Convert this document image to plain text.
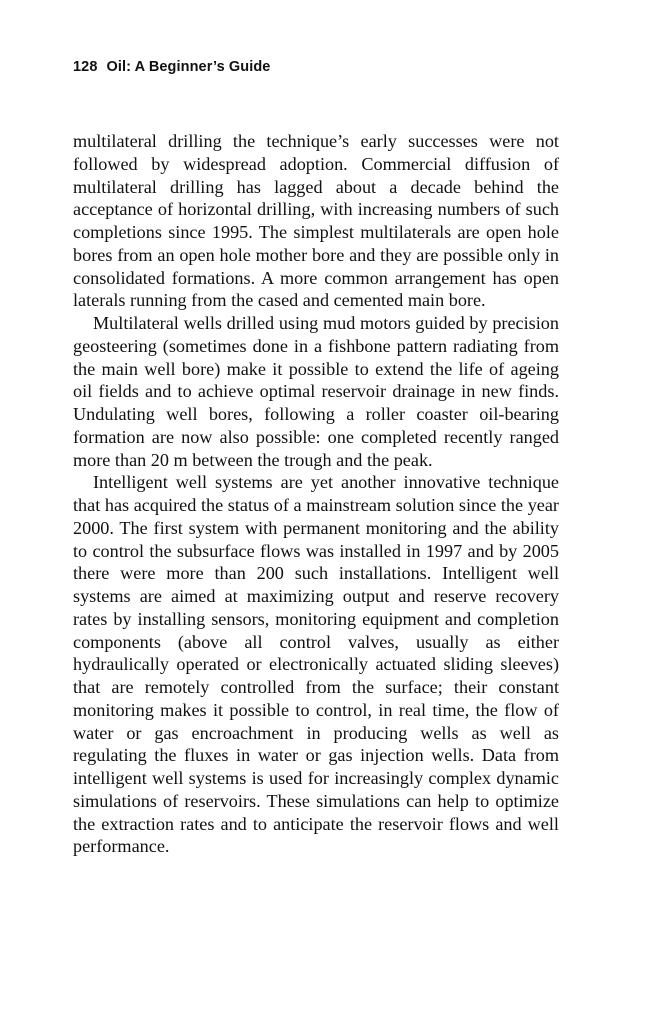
128 Oil: A Beginner’s Guide

multilateral drilling the technique’s early successes were not followed by widespread adoption. Commercial diffusion of multilateral drilling has lagged about a decade behind the acceptance of horizontal drilling, with increasing numbers of such completions since 1995. The simplest multilaterals are open hole bores from an open hole mother bore and they are possible only in consolidated formations. A more common arrangement has open laterals running from the cased and cemented main bore.

Multilateral wells drilled using mud motors guided by precision geosteering (sometimes done in a fishbone pattern radiating from the main well bore) make it possible to extend the life of ageing oil fields and to achieve optimal reservoir drainage in new finds. Undulating well bores, following a roller coaster oil-bearing formation are now also possible: one completed recently ranged more than 20 m between the trough and the peak.

Intelligent well systems are yet another innovative technique that has acquired the status of a mainstream solution since the year 2000. The first system with permanent monitoring and the ability to control the subsurface flows was installed in 1997 and by 2005 there were more than 200 such installations. Intelligent well systems are aimed at maximizing output and reserve recovery rates by installing sensors, monitoring equipment and completion components (above all control valves, usually as either hydraulically operated or electronically actuated sliding sleeves) that are remotely controlled from the surface; their constant monitoring makes it possible to control, in real time, the flow of water or gas encroachment in producing wells as well as regulating the fluxes in water or gas injection wells. Data from intelligent well systems is used for increasingly complex dynamic simulations of reservoirs. These simulations can help to optimize the extraction rates and to anticipate the reservoir flows and well performance.
